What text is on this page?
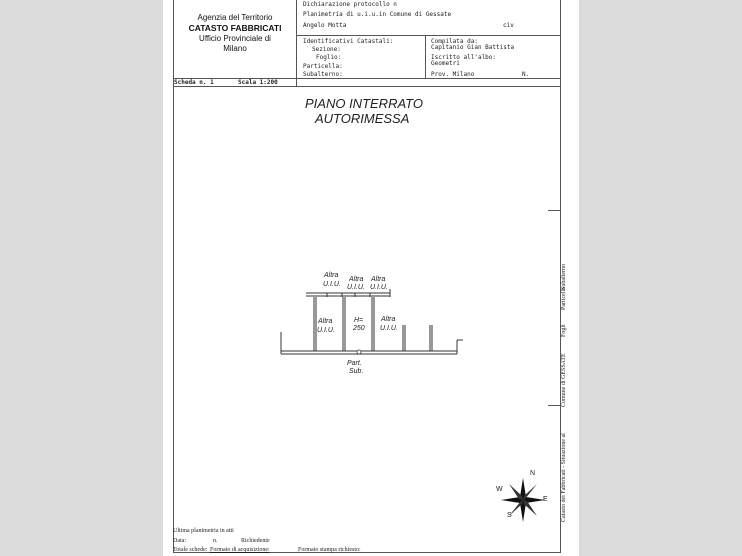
Agenzia del Territorio
CATASTO FABBRICATI
Ufficio Provinciale di
Milano
Dichiarazione protocollo n
Planimetria di u.i.u.in Comune di Gessate
Angelo Motta	civ
Identificativi Catastali:
Sezione:
Foglio:
Particella:
Subalterno:
Compilata da:
Capitanio Gian Battista
Iscritto all'albo:
Geometri
Prov. Milano	N.
Scheda n. 1	Scala 1:200
PIANO INTERRATO
AUTORIMESSA
Altra
U.I.U.
Altra
U.I.U.
Altra
U.I.U.
Altra
U.I.U.
Altra
U.I.U.
H=
250
Part.
Sub.
N
W
S
E
Subalterno
Particella
Fogli
Comune di GESSATE
Catasto dei Fabbricati - Situazione al
Ultima planimetria in atti
Data:	n.	Richiedente
Totale schede: Formato di acquisizione:	Formato stampa richiesto:
